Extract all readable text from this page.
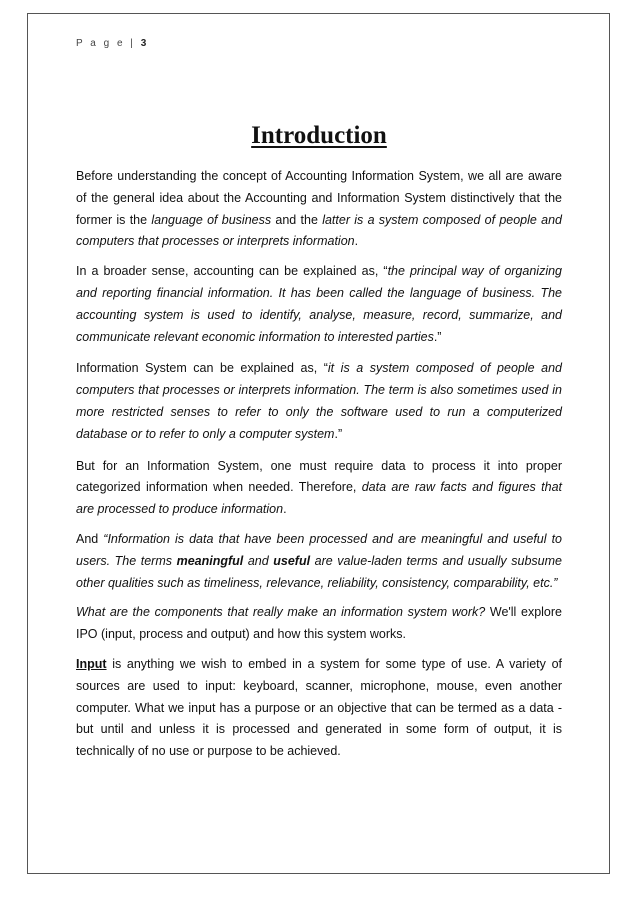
P a g e | 3
Introduction

Before understanding the concept of Accounting Information System, we all are aware of the general idea about the Accounting and Information System distinctively that the former is the language of business and the latter is a system composed of people and computers that processes or interprets information.

In a broader sense, accounting can be explained as, “the principal way of organizing and reporting financial information. It has been called the language of business. The accounting system is used to identify, analyse, measure, record, summarize, and communicate relevant economic information to interested parties.”

Information System can be explained as, “it is a system composed of people and computers that processes or interprets information. The term is also sometimes used in more restricted senses to refer to only the software used to run a computerized database or to refer to only a computer system.”

But for an Information System, one must require data to process it into proper categorized information when needed. Therefore, data are raw facts and figures that are processed to produce information.

And “Information is data that have been processed and are meaningful and useful to users. The terms meaningful and useful are value-laden terms and usually subsume other qualities such as timeliness, relevance, reliability, consistency, comparability, etc.”

What are the components that really make an information system work? We'll explore IPO (input, process and output) and how this system works.

Input is anything we wish to embed in a system for some type of use. A variety of sources are used to input: keyboard, scanner, microphone, mouse, even another computer. What we input has a purpose or an objective that can be termed as a data - but until and unless it is processed and generated in some form of output, it is technically of no use or purpose to be achieved.
